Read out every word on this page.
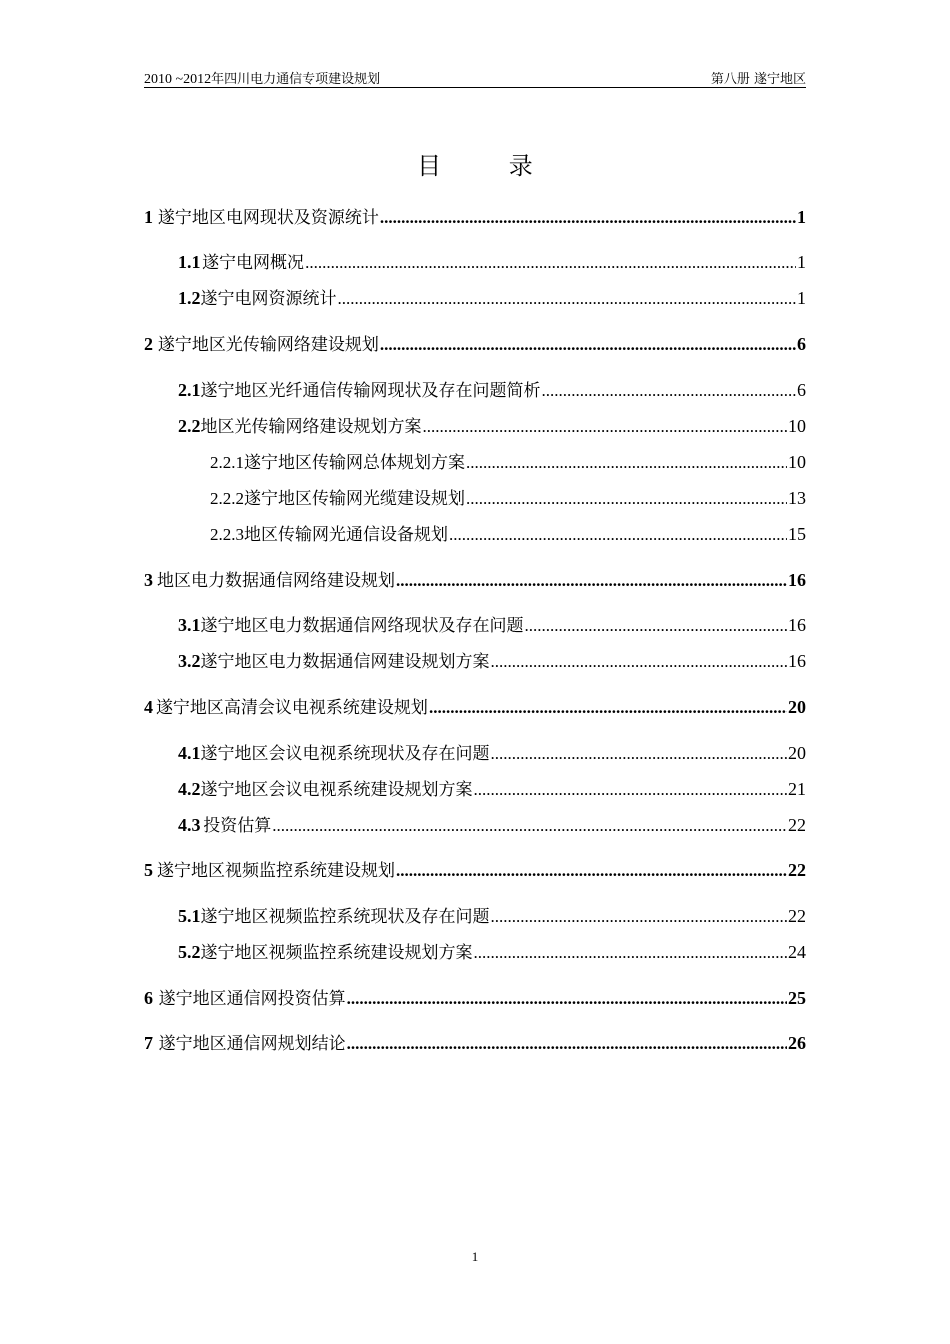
2010 ~2012年四川电力通信专项建设规划	第八册 遂宁地区
目 录
1 遂宁地区电网现状及资源统计 .....	1
1.1 遂宁电网概况 .....	1
1.2 遂宁电网资源统计 .....	1
2 遂宁地区光传输网络建设规划 .....	6
2.1 遂宁地区光纤通信传输网现状及存在问题简析 .....	6
2.2 地区光传输网络建设规划方案 .....	10
2.2.1 遂宁地区传输网总体规划方案 .....	10
2.2.2 遂宁地区传输网光缆建设规划 .....	13
2.2.3 地区传输网光通信设备规划 .....	15
3 地区电力数据通信网络建设规划 .....	16
3.1 遂宁地区电力数据通信网络现状及存在问题 .....	16
3.2 遂宁地区电力数据通信网建设规划方案 .....	16
4 遂宁地区高清会议电视系统建设规划 .....	20
4.1 遂宁地区会议电视系统现状及存在问题 .....	20
4.2 遂宁地区会议电视系统建设规划方案 .....	21
4.3 投资估算 .....	22
5 遂宁地区视频监控系统建设规划 .....	22
5.1 遂宁地区视频监控系统现状及存在问题 .....	22
5.2 遂宁地区视频监控系统建设规划方案 .....	24
6 遂宁地区通信网投资估算 .....	25
7 遂宁地区通信网规划结论 .....	26
1
